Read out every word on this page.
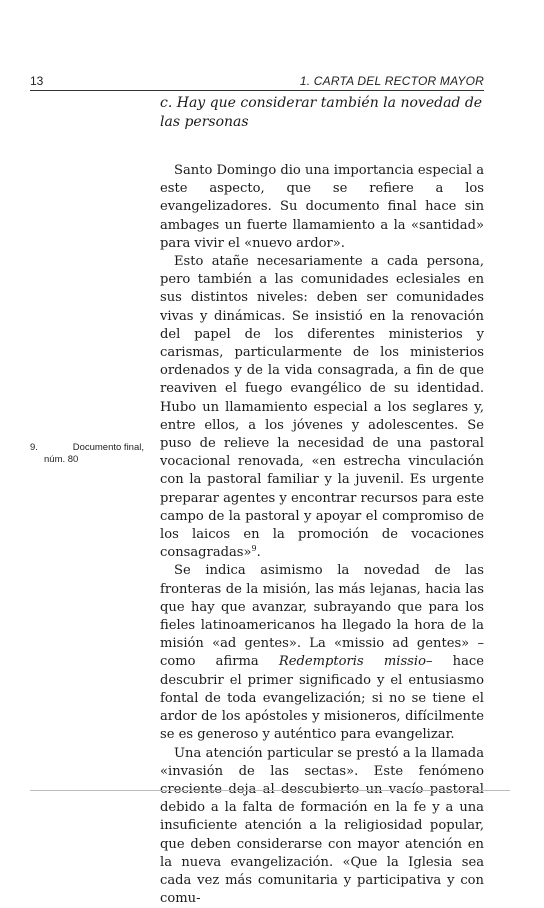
13	1. CARTA DEL RECTOR MAYOR

c. Hay que considerar también la novedad de las personas

Santo Domingo dio una importancia especial a este aspecto, que se refiere a los evangelizadores. Su documento final hace sin ambages un fuerte llamamiento a la «santidad» para vivir el «nuevo ardor».

Esto atañe necesariamente a cada persona, pero también a las comunidades eclesiales en sus distintos niveles: deben ser comunidades vivas y dinámicas. Se insistió en la renovación del papel de los diferentes ministerios y carismas, particularmente de los ministerios ordenados y de la vida consagrada, a fin de que reaviven el fuego evangélico de su identidad. Hubo un llamamiento especial a los seglares y, entre ellos, a los jóvenes y adolescentes. Se puso de relieve la necesidad de una pastoral vocacional renovada, «en estrecha vinculación con la pastoral familiar y la juvenil. Es urgente preparar agentes y encontrar recursos para este campo de la pastoral y apoyar el compromiso de los laicos en la promoción de vocaciones consagradas»$^9$.

Se indica asimismo la novedad de las fronteras de la misión, las más lejanas, hacia las que hay que avanzar, subrayando que para los fieles latinoamericanos ha llegado la hora de la misión «ad gentes». La «missio ad gentes» –como afirma Redemptoris missio– hace descubrir el primer significado y el entusiasmo fontal de toda evangelización; si no se tiene el ardor de los apóstoles y misioneros, difícilmente se es generoso y auténtico para evangelizar.

Una atención particular se prestó a la llamada «invasión de las sectas». Este fenómeno creciente deja al descubierto un vacío pastoral debido a la falta de formación en la fe y a una insuficiente atención a la religiosidad popular, que deben considerarse con mayor atención en la nueva evangelización. «Que la Iglesia sea cada vez más comunitaria y participativa y con comu-

9.	Documento final,
núm. 80
